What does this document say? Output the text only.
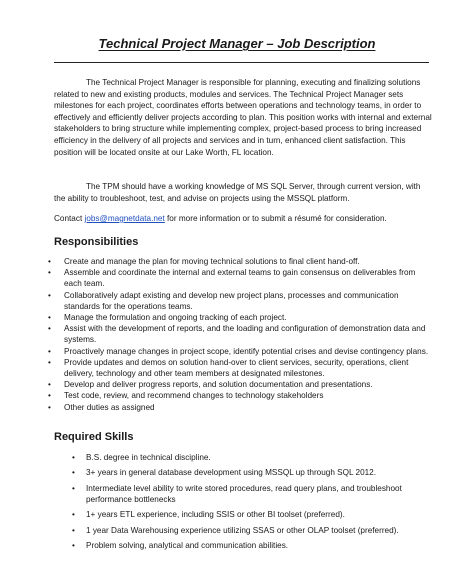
Technical Project Manager – Job Description

The Technical Project Manager is responsible for planning, executing and finalizing solutions related to new and existing products, modules and services. The Technical Project Manager sets milestones for each project, coordinates efforts between operations and technology teams, in order to effectively and efficiently deliver projects according to plan. This position works with internal and external stakeholders to bring structure while implementing complex, project-based process to bring increased efficiency in the delivery of all projects and services and in turn, enhanced client satisfaction. This position will be located onsite at our Lake Worth, FL location.

The TPM should have a working knowledge of MS SQL Server, through current version, with the ability to troubleshoot, test, and advise on projects using the MSSQL platform.

Contact jobs@magnetdata.net for more information or to submit a résumé for consideration.

Responsibilities
• Create and manage the plan for moving technical solutions to final client hand-off.
• Assemble and coordinate the internal and external teams to gain consensus on deliverables from each team.
• Collaboratively adapt existing and develop new project plans, processes and communication standards for the operations teams.
• Manage the formulation and ongoing tracking of each project.
• Assist with the development of reports, and the loading and configuration of demonstration data and systems.
• Proactively manage changes in project scope, identify potential crises and devise contingency plans.
• Provide updates and demos on solution hand-over to client services, security, operations, client delivery, technology and other team members at designated milestones.
• Develop and deliver progress reports, and solution documentation and presentations.
• Test code, review, and recommend changes to technology stakeholders
• Other duties as assigned
Required Skills
• B.S. degree in technical discipline.
• 3+ years in general database development using MSSQL up through SQL 2012.
• Intermediate level ability to write stored procedures, read query plans, and troubleshoot performance bottlenecks
• 1+ years ETL experience, including SSIS or other BI toolset (preferred).
• 1 year Data Warehousing experience utilizing SSAS or other OLAP toolset (preferred).
• Problem solving, analytical and communication abilities.
